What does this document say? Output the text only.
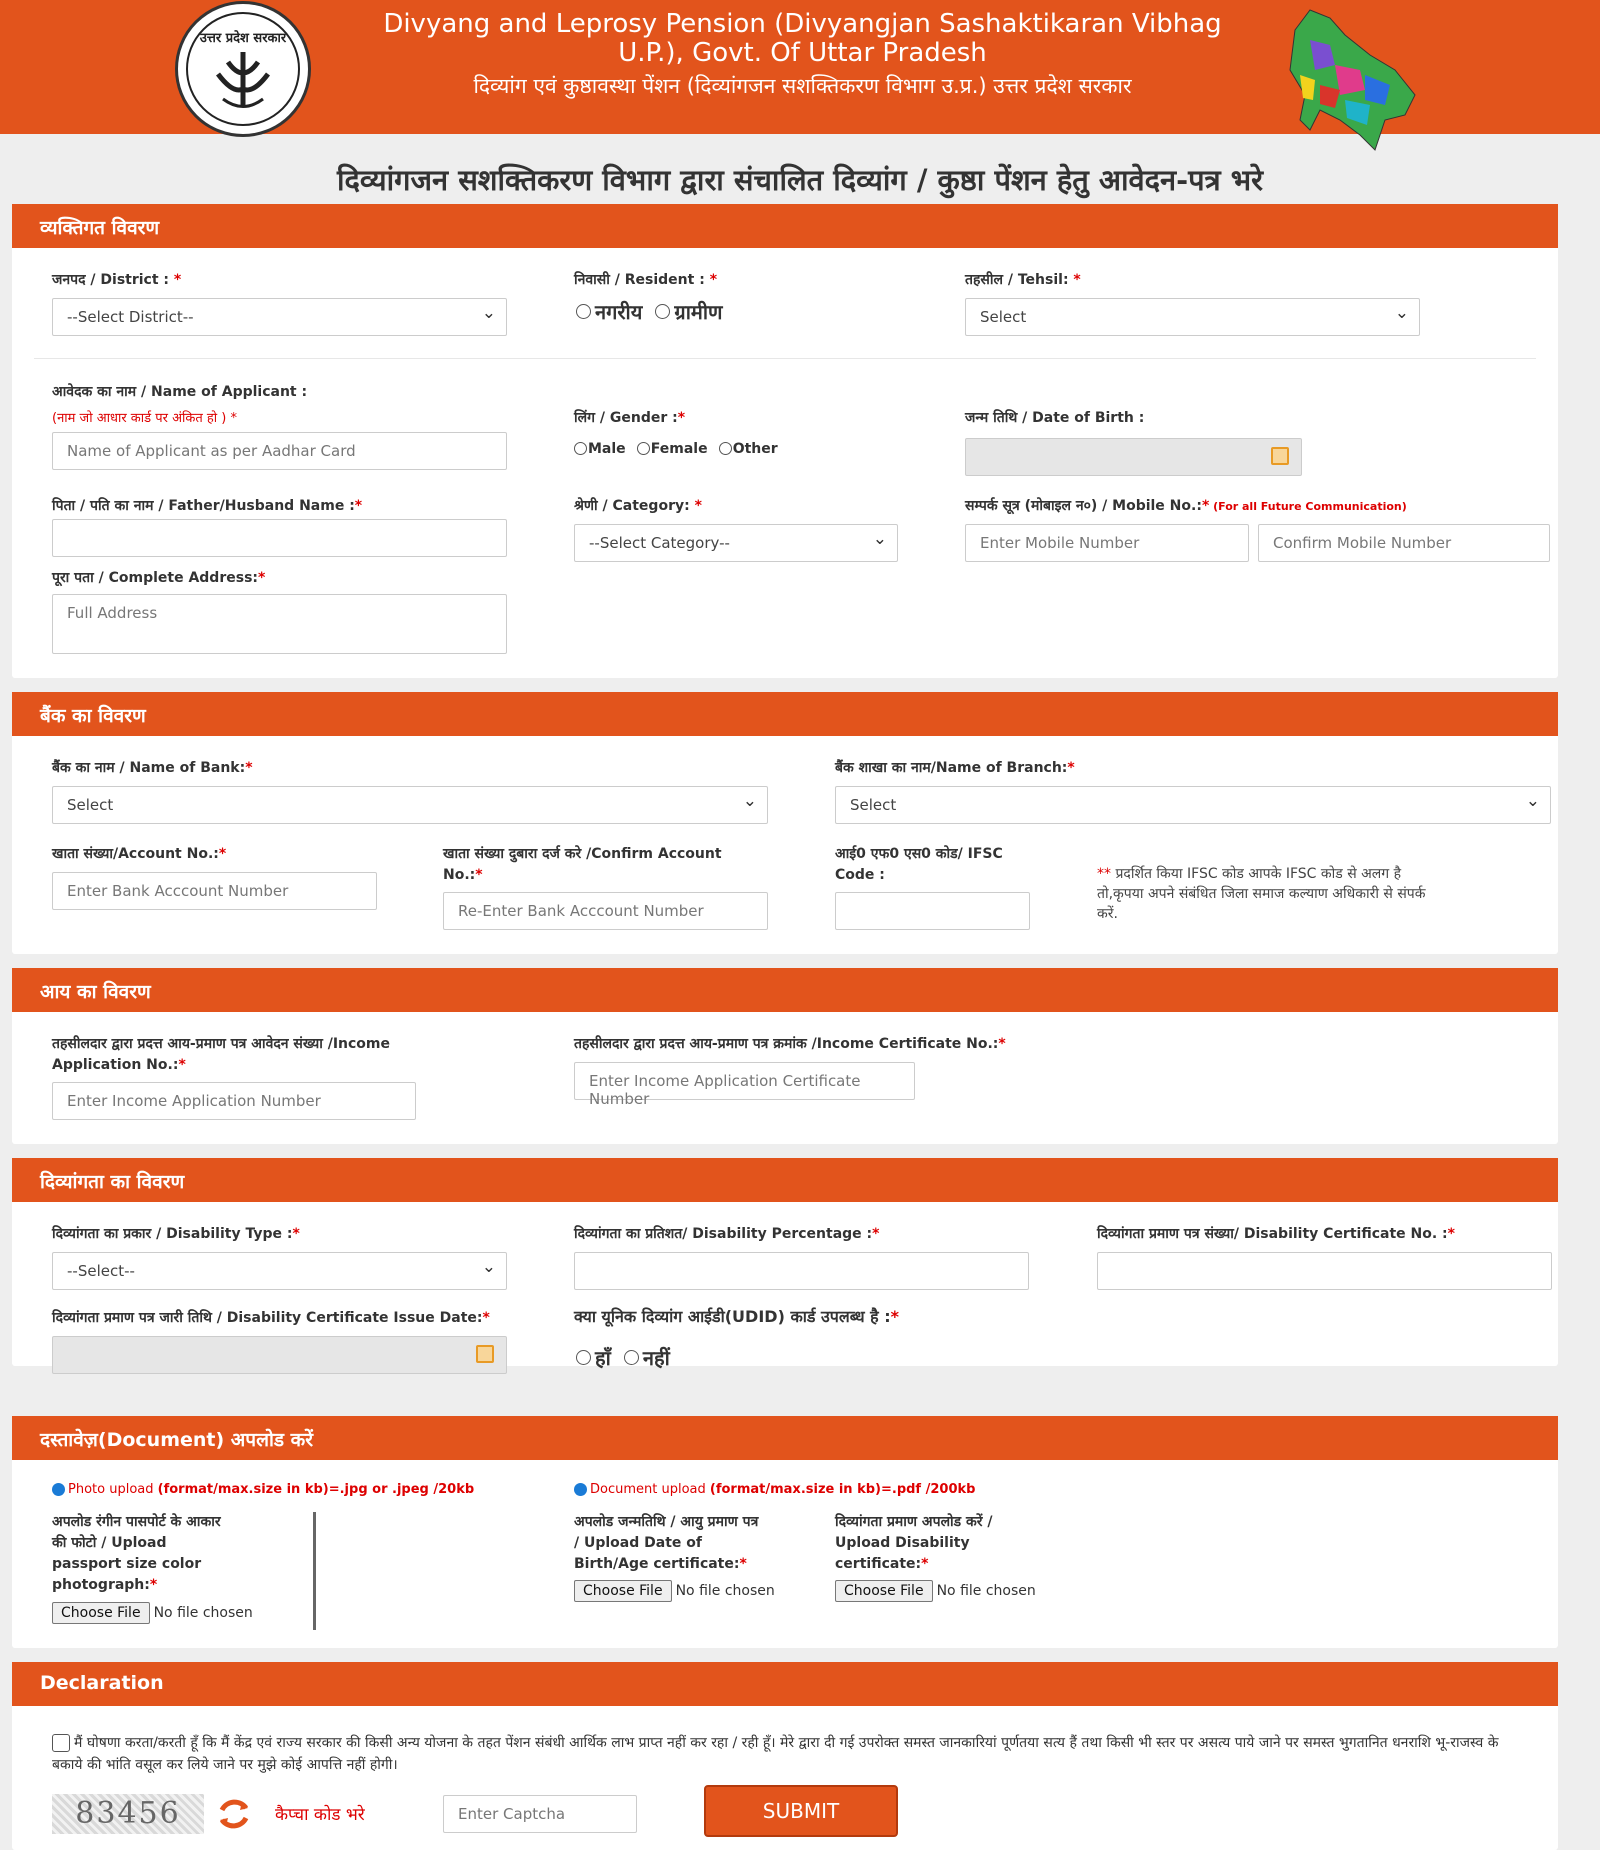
उत्तर प्रदेश सरकार	Divyang and Leprosy Pension (Divyangjan Sashaktikaran Vibhag U.P.), Govt. Of Uttar Pradesh
दिव्यांग एवं कुष्ठावस्था पेंशन (दिव्यांगजन सशक्तिकरण विभाग उ.प्र.) उत्तर प्रदेश सरकार
दिव्यांगजन सशक्तिकरण विभाग द्वारा संचालित दिव्यांग / कुष्ठा पेंशन हेतु आवेदन-पत्र भरे
व्यक्तिगत विवरण
जनपद / District : *
--Select District-- ⌄
निवासी / Resident : *
नगरीय ग्रामीण
तहसील / Tehsil: *
Select ⌄
आवेदक का नाम / Name of Applicant :
(नाम जो आधार कार्ड पर अंकित हो ) *
Name of Applicant as per Aadhar Card
लिंग / Gender :*
Male Female Other
जन्म तिथि / Date of Birth :
पिता / पति का नाम / Father/Husband Name :*	श्रेणी / Category: *
--Select Category-- ⌄
सम्पर्क सूत्र (मोबाइल न०) / Mobile No.:* (For all Future Communication)
Enter Mobile Number	Confirm Mobile Number
पूरा पता / Complete Address:*
Full Address
बैंक का विवरण
बैंक का नाम / Name of Bank:*
Select ⌄
बैंक शाखा का नाम/Name of Branch:*
Select ⌄
खाता संख्या/Account No.:*
Enter Bank Acccount Number
खाता संख्या दुबारा दर्ज करे /Confirm Account No.:*
Re-Enter Bank Acccount Number
आई0 एफ0 एस0 कोड/ IFSC Code :	** प्रदर्शित किया IFSC कोड आपके IFSC कोड से अलग है तो,कृपया अपने संबंधित जिला समाज कल्याण अधिकारी से संपर्क करें.
आय का विवरण
तहसीलदार द्वारा प्रदत्त आय-प्रमाण पत्र आवेदन संख्या /Income Application No.:*
Enter Income Application Number
तहसीलदार द्वारा प्रदत्त आय-प्रमाण पत्र क्रमांक /Income Certificate No.:*
Enter Income Application Certificate Number
दिव्यांगता का विवरण
दिव्यांगता का प्रकार / Disability Type :*
--Select-- ⌄
दिव्यांगता का प्रतिशत/ Disability Percentage :*	दिव्यांगता प्रमाण पत्र संख्या/ Disability Certificate No. :*
दिव्यांगता प्रमाण पत्र जारी तिथि / Disability Certificate Issue Date:*	क्या यूनिक दिव्यांग आईडी(UDID) कार्ड उपलब्ध है :*
हाँ नहीं
दस्तावेज़(Document) अपलोड करें
Photo upload (format/max.size in kb)=.jpg or .jpeg /20kb
अपलोड रंगीन पासपोर्ट के आकार की फोटो / Upload passport size color photograph:*
Choose File No file chosen
Document upload (format/max.size in kb)=.pdf /200kb
अपलोड जन्मतिथि / आयु प्रमाण पत्र / Upload Date of Birth/Age certificate:*
Choose File No file chosen
दिव्यांगता प्रमाण अपलोड करें / Upload Disability certificate:*
Choose File No file chosen
Declaration
मैं घोषणा करता/करती हूँ कि मैं केंद्र एवं राज्य सरकार की किसी अन्य योजना के तहत पेंशन संबंधी आर्थिक लाभ प्राप्त नहीं कर रहा / रही हूँ। मेरे द्वारा दी गई उपरोक्त समस्त जानकारियां पूर्णतया सत्य हैं तथा किसी भी स्तर पर असत्य पाये जाने पर समस्त भुगतानित धनराशि भू-राजस्व के बकाये की भांति वसूल कर लिये जाने पर मुझे कोई आपत्ति नहीं होगी।
83456	कैप्चा कोड भरे	Enter Captcha	SUBMIT
